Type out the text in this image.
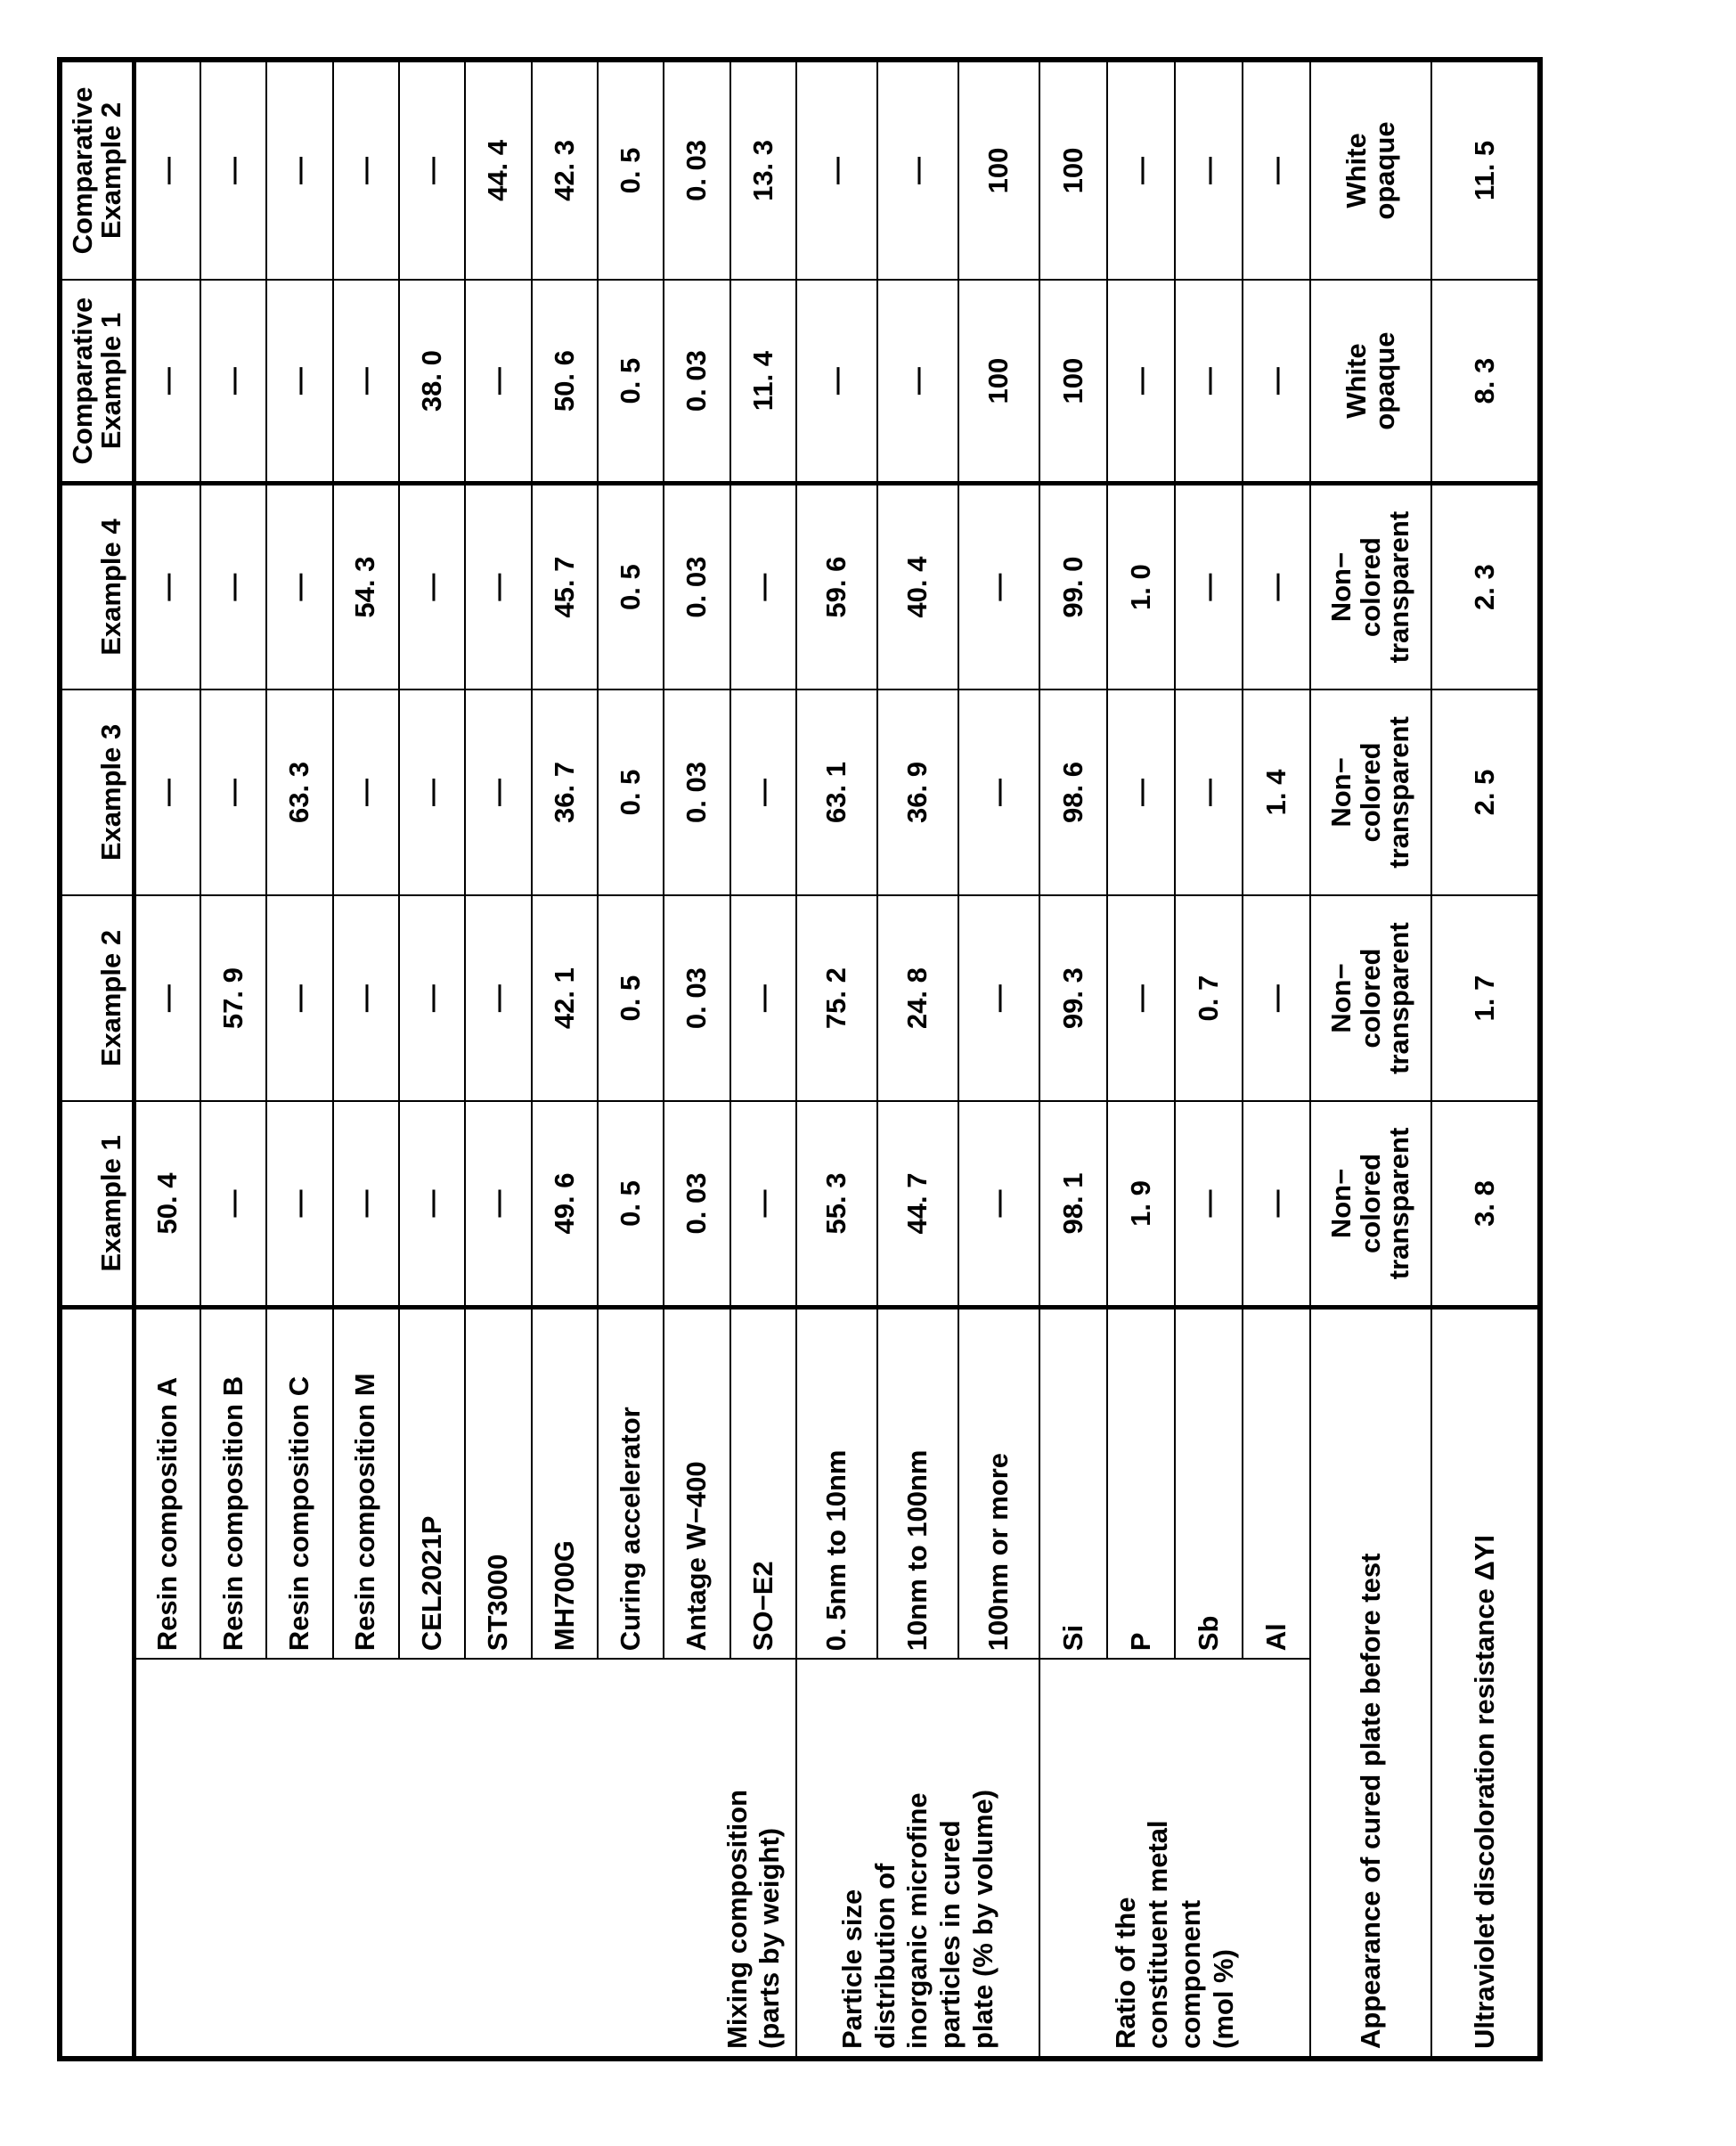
	Example 1	Example 2	Example 3	Example 4	Comparative
Example 1	Comparative
Example 2
Mixing composition
(parts by weight)	Resin composition A	50. 4	—	—	—	—	—
Resin composition B	—	57. 9	—	—	—	—
Resin composition C	—	—	63. 3	—	—	—
Resin composition M	—	—	—	54. 3	—	—
CEL2021P	—	—	—	—	38. 0	—
ST3000	—	—	—	—	—	44. 4
MH700G	49. 6	42. 1	36. 7	45. 7	50. 6	42. 3
Curing accelerator	0. 5	0. 5	0. 5	0. 5	0. 5	0. 5
Antage W−400	0. 03	0. 03	0. 03	0. 03	0. 03	0. 03
SO−E2	—	—	—	—	11. 4	13. 3
Particle size
distribution of
inorganic microfine
particles in cured
plate (% by volume)	0. 5nm to 10nm	55. 3	75. 2	63. 1	59. 6	—	—
10nm to 100nm	44. 7	24. 8	36. 9	40. 4	—	—
100nm or more	—	—	—	—	100	100
Ratio of the
constituent metal
component
(mol %)	Si	98. 1	99. 3	98. 6	99. 0	100	100
P	1. 9	—	—	1. 0	—	—
Sb	—	0. 7	—	—	—	—
Al	—	—	1. 4	—	—	—
Appearance of cured plate before test	Non−
colored
transparent	Non−
colored
transparent	Non−
colored
transparent	Non−
colored
transparent	White
opaque	White
opaque
Ultraviolet discoloration resistance ΔYI	3. 8	1. 7	2. 5	2. 3	8. 3	11. 5
